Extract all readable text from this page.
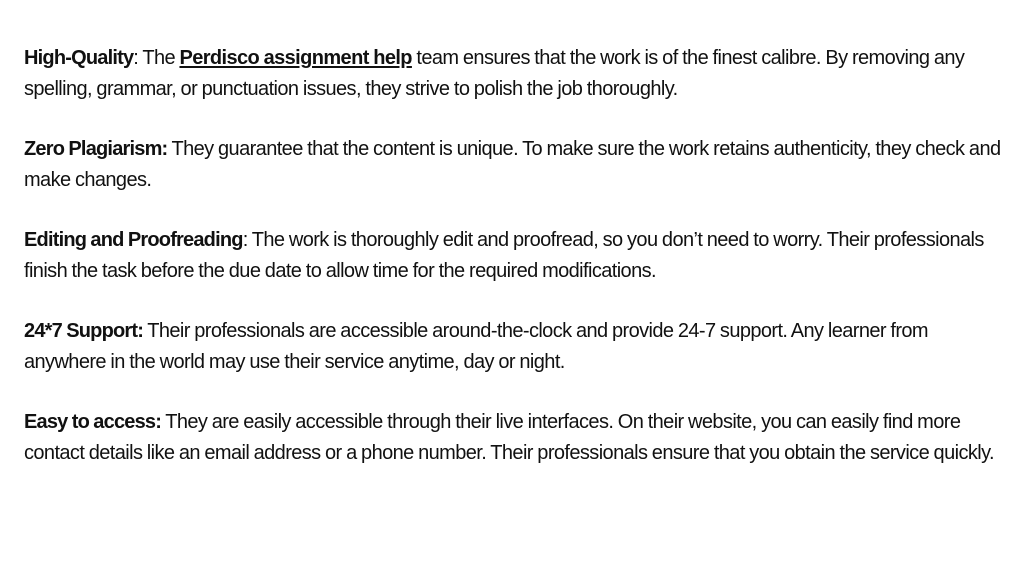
High-Quality: The Perdisco assignment help team ensures that the work is of the finest calibre. By removing any spelling, grammar, or punctuation issues, they strive to polish the job thoroughly.

Zero Plagiarism: They guarantee that the content is unique. To make sure the work retains authenticity, they check and make changes.

Editing and Proofreading: The work is thoroughly edit and proofread, so you don’t need to worry. Their professionals finish the task before the due date to allow time for the required modifications.

24*7 Support: Their professionals are accessible around-the-clock and provide 24-7 support. Any learner from anywhere in the world may use their service anytime, day or night.

Easy to access: They are easily accessible through their live interfaces. On their website, you can easily find more contact details like an email address or a phone number. Their professionals ensure that you obtain the service quickly.
